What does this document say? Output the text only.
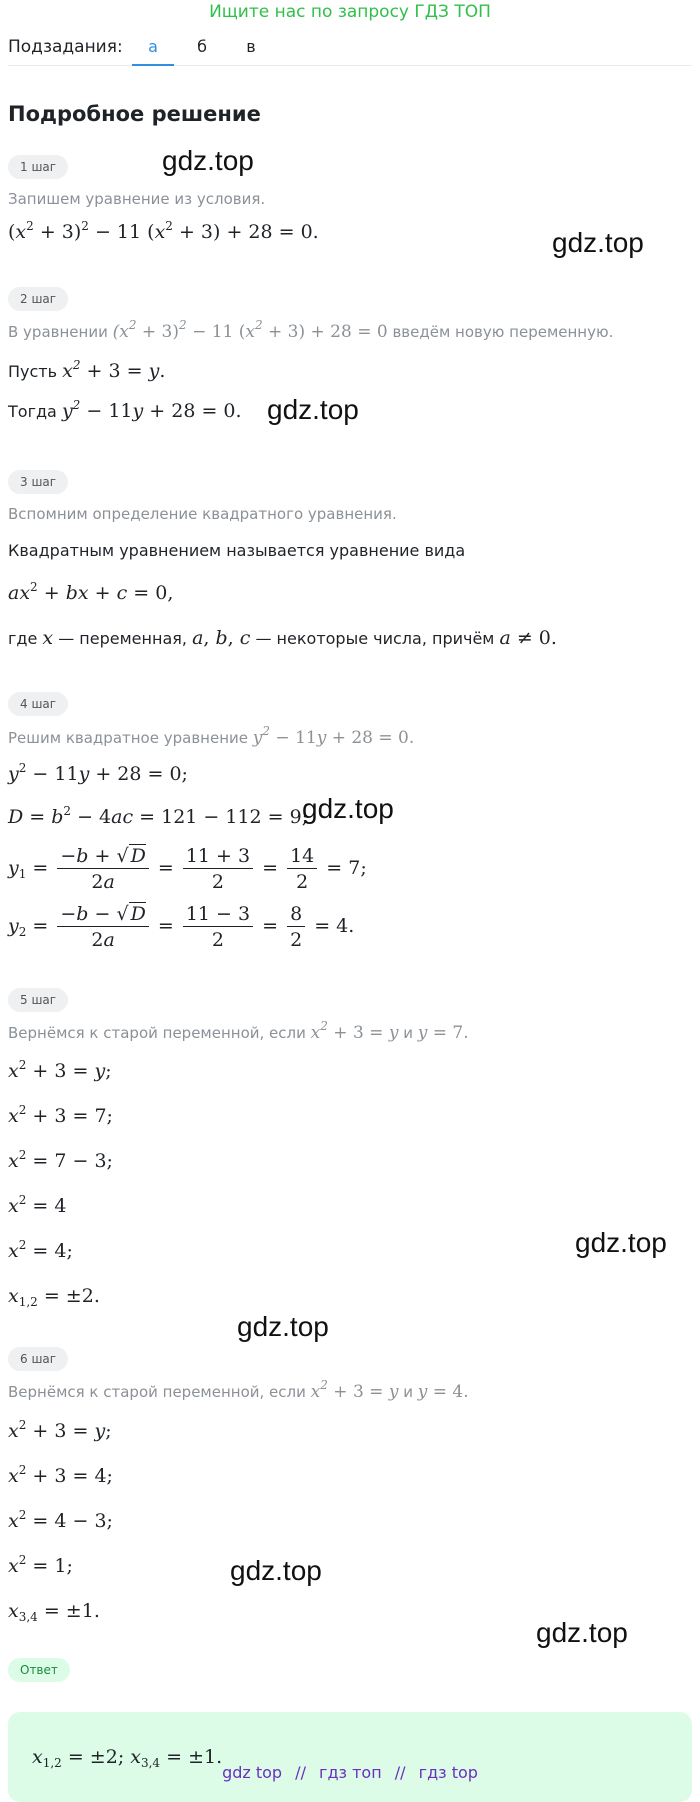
Ищите нас по запросу ГДЗ ТОП
Подзадания:	а	б	в
Подробное решение
1 шаг
Запишем уравнение из условия.
$(x^2 + 3)^2 - 11$ $(x^2 + 3) + 28 = 0$.
2 шаг
В уравнении $(x^2 + 3)^2 - 11$ $(x^2 + 3) + 28 = 0$ введём новую переменную.
Пусть $x^2 + 3 = y$.
Тогда $y^2 - 11y + 28 = 0$.
3 шаг
Вспомним определение квадратного уравнения.
Квадратным уравнением называется уравнение вида
$ax^2$ + bx + c = 0,
где x — переменная, a, b, c — некоторые числа, причём a ≠ 0.
4 шаг
Решим квадратное уравнение $y^2 - 11y + 28 = 0$.
$y^2 - 11y + 28 = 0$;
$D = b^2 - 4ac = 121 - 112 = 9$;
$y_1 = \frac{-b + √ D}{2a} = \frac{11 + 3}{2} = \frac{14}{2} = 7$;
$y_2 = \frac{-b - √ D}{2a} = \frac{11 - 3}{2} = \frac{8}{2} = 4$.
5 шаг
Вернёмся к старой переменной, если $x^2 + 3 = y$ и y = 7.
$x^2 + 3 = y$;
$x^2 + 3 = 7$;
$x^2 = 7 - 3$;
$x^2 = 4$
$x^2 = 4$;
$x_{1,2} = \pm 2$.
6 шаг
Вернёмся к старой переменной, если $x^2 + 3 = y$ и y = 4.
$x^2 + 3 = y$;
$x^2 + 3 = 4$;
$x^2 = 4 - 3$;
$x^2 = 1$;
$x_{3,4} = \pm 1$.
Ответ
$x_{1,2} = \pm 2$; $x_{3,4} = \pm 1$.
gdz.top
gdz.top
gdz.top
gdz.top
gdz.top
gdz.top
gdz.top
gdz.top
gdz top // гдз топ // гдз top
